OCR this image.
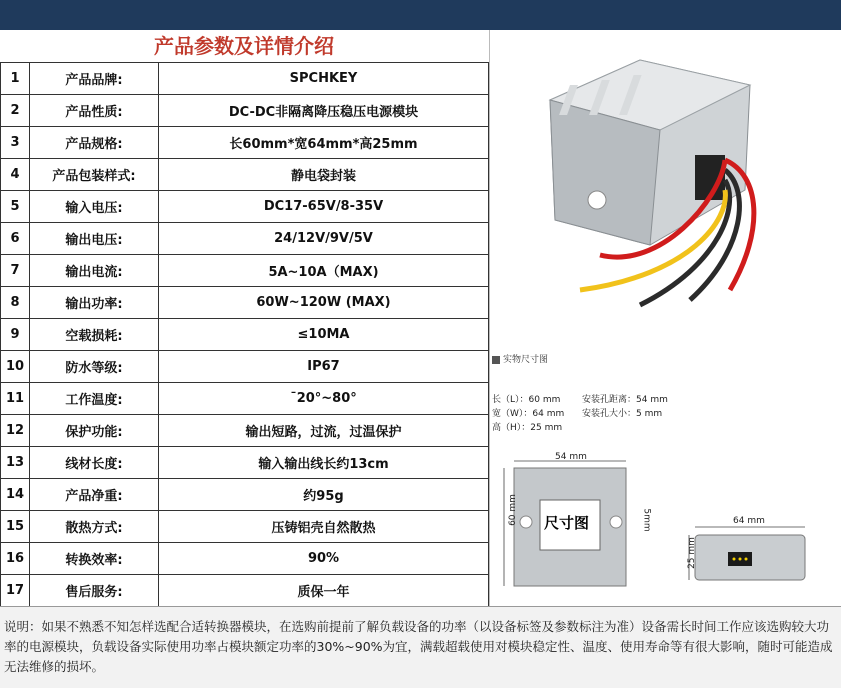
产品参数及详情介绍
1	产品品牌:	SPCHKEY
2	产品性质:	DC-DC非隔离降压稳压电源模块
3	产品规格:	长60mm*宽64mm*高25mm
4	产品包装样式:	静电袋封装
5	输入电压:	DC17-65V/8-35V
6	输出电压:	24/12V/9V/5V
7	输出电流:	5A~10A（MAX)
8	输出功率:	60W~120W (MAX)
9	空载损耗:	≤10MA
10	防水等级:	IP67
11	工作温度:	ˉ20°~80°
12	保护功能:	输出短路，过流，过温保护
13	线材长度:	输入输出线长约13cm
14	产品净重:	约95g
15	散热方式:	压铸铝壳自然散热
16	转换效率:	90%
17	售后服务:	质保一年
实物尺寸图
长（L）：60 mm
宽（W）：64 mm
高（H）：25 mm
安装孔距离：54 mm
安装孔大小：5 mm
54 mm
60 mm	5mm
尺寸图	64 mm
25 mm

说明：如果不熟悉不知怎样选配合适转换器模块，在选购前提前了解负载设备的功率（以设备标签及参数标注为准）设备需长时间工作应该选购较大功率的电源模块，负载设备实际使用功率占模块额定功率的30%~90%为宜，满载超载使用对模块稳定性、温度、使用寿命等有很大影响，随时可能造成无法维修的损坏。
